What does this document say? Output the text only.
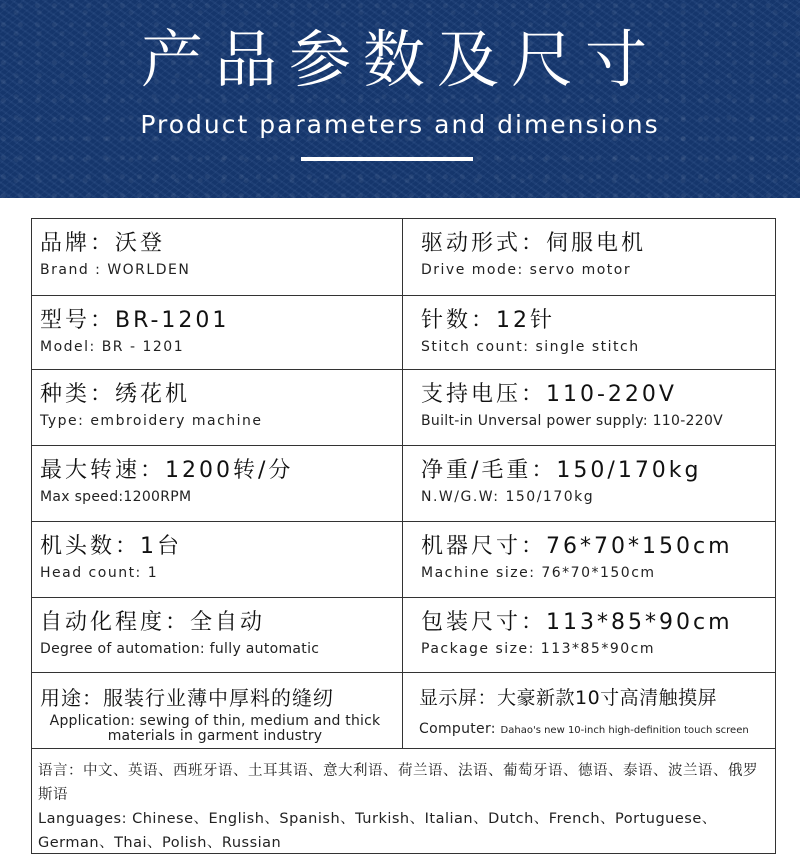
产品参数及尺寸
Product parameters and dimensions
品牌：沃登
Brand : WORLDEN
驱动形式：伺服电机
Drive mode: servo motor
型号：BR-1201
Model: BR - 1201
针数：12针
Stitch count: single stitch
种类：绣花机
Type: embroidery machine
支持电压：110-220V
Built-in Unversal power supply: 110-220V
最大转速：1200转/分
Max speed:1200RPM
净重/毛重：150/170kg
N.W/G.W: 150/170kg
机头数：1台
Head count: 1
机器尺寸：76*70*150cm
Machine size: 76*70*150cm
自动化程度：全自动
Degree of automation: fully automatic
包装尺寸：113*85*90cm
Package size: 113*85*90cm
用途：服装行业薄中厚料的缝纫
Application: sewing of thin, medium and thick materials in garment industry
显示屏：大豪新款10寸高清触摸屏
Computer: Dahao's new 10-inch high-definition touch screen
语言：中文、英语、西班牙语、土耳其语、意大利语、荷兰语、法语、葡萄牙语、德语、泰语、波兰语、俄罗斯语
Languages: Chinese、English、Spanish、Turkish、Italian、Dutch、French、Portuguese、German、Thai、Polish、Russian
